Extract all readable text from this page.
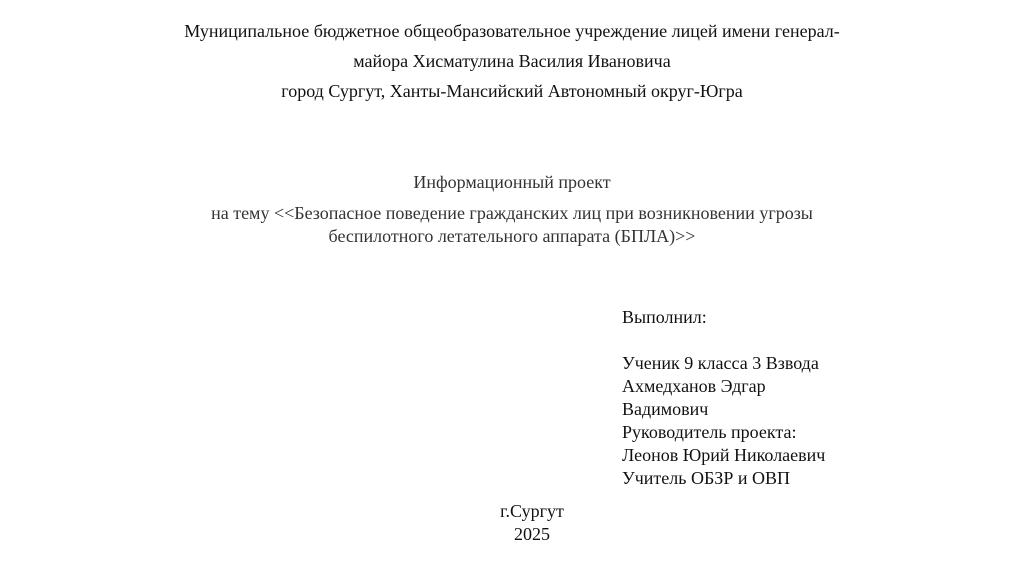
Муниципальное бюджетное общеобразовательное учреждение лицей имени генерал-
майора Хисматулина Василия Ивановича
город Сургут, Ханты-Мансийский Автономный округ-Югра
Информационный проект
на тему <<Безопасное поведение гражданских лиц при возникновении угрозы
беспилотного летательного аппарата (БПЛА)>>
Выполнил:
Ученик 9 класса 3 Взвода
Ахмедханов Эдгар
Вадимович
Руководитель проекта:
Леонов Юрий Николаевич
Учитель ОБЗР и ОВП
г.Сургут
2025
